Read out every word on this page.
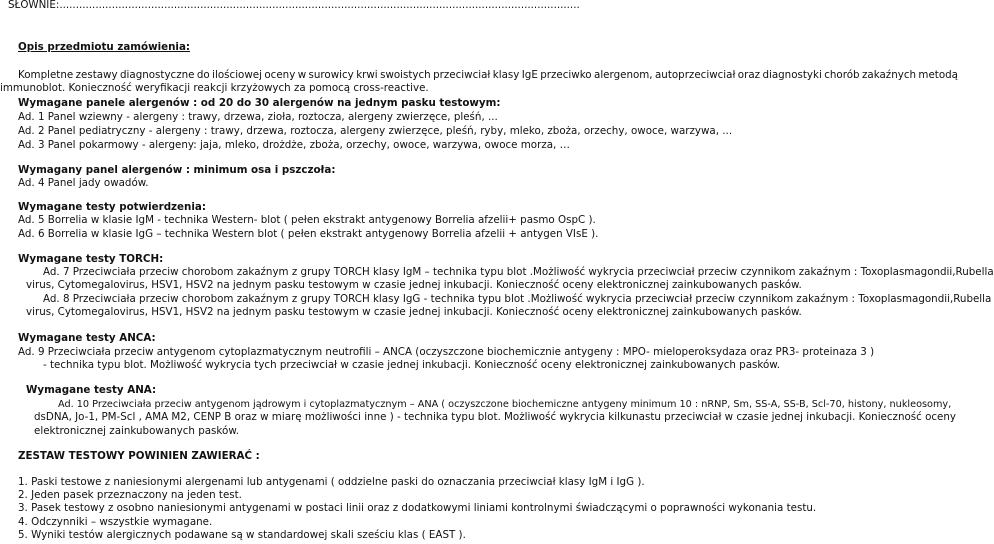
SŁOWNIE:...............................................................................................................................................................
Opis przedmiotu zamówienia:
Kompletne zestawy diagnostyczne do ilościowej oceny w surowicy krwi swoistych przeciwciał klasy IgE przeciwko alergenom, autoprzeciwciał oraz diagnostyki chorób zakaźnych metodą
immunoblot. Konieczność weryfikacji reakcji krzyżowych za pomocą cross-reactive.
Wymagane panele alergenów : od 20 do 30 alergenów na jednym pasku testowym:
Ad. 1 Panel wziewny - alergeny : trawy, drzewa, zioła, roztocza, alergeny zwierzęce, pleśń, ...
Ad. 2 Panel pediatryczny - alergeny : trawy, drzewa, roztocza, alergeny zwierzęce, pleśń, ryby, mleko, zboża, orzechy, owoce, warzywa, ...
Ad. 3 Panel pokarmowy - alergeny: jaja, mleko, drożdże, zboża, orzechy, owoce, warzywa, owoce morza, …
Wymagany panel alergenów : minimum osa i pszczoła:
Ad. 4 Panel jady owadów.
Wymagane testy potwierdzenia:
Ad. 5 Borrelia w klasie IgM - technika Western- blot ( pełen ekstrakt antygenowy Borrelia afzelii+ pasmo OspC ).
Ad. 6 Borrelia w klasie IgG – technika Western blot ( pełen ekstrakt antygenowy Borrelia afzelii + antygen VIsE ).
Wymagane testy TORCH:
Ad. 7 Przeciwciała przeciw chorobom zakaźnym z grupy TORCH klasy IgM – technika typu blot .Możliwość wykrycia przeciwciał przeciw czynnikom zakaźnym : Toxoplasma gondii,Rubella
virus, Cytomegalovirus, HSV1, HSV2 na jednym pasku testowym w czasie jednej inkubacji. Konieczność oceny elektronicznej zainkubowanych pasków.
Ad. 8 Przeciwciała przeciw chorobom zakaźnym z grupy TORCH klasy IgG - technika typu blot .Możliwość wykrycia przeciwciał przeciw czynnikom zakaźnym : Toxoplasma gondii,Rubella
virus, Cytomegalovirus, HSV1, HSV2 na jednym pasku testowym w czasie jednej inkubacji. Konieczność oceny elektronicznej zainkubowanych pasków.
Wymagane testy ANCA:
Ad. 9 Przeciwciała przeciw antygenom cytoplazmatycznym neutrofili – ANCA (oczyszczone biochemicznie antygeny : MPO- mieloperoksydaza oraz PR3- proteinaza 3 )
- technika typu blot. Możliwość wykrycia tych przeciwciał w czasie jednej inkubacji. Konieczność oceny elektronicznej zainkubowanych pasków.
Wymagane testy ANA:
Ad. 10 Przeciwciała przeciw antygenom jądrowym i cytoplazmatycznym – ANA ( oczyszczone biochemiczne antygeny minimum 10 : nRNP, Sm, SS-A, SS-B, Scl-70, histony, nukleosomy,
dsDNA, Jo-1, PM-Scl , AMA M2, CENP B oraz w miarę możliwości inne ) - technika typu blot. Możliwość wykrycia kilkunastu przeciwciał w czasie jednej inkubacji. Konieczność oceny
elektronicznej zainkubowanych pasków.
ZESTAW TESTOWY POWINIEN ZAWIERAĆ :
1. Paski testowe z naniesionymi alergenami lub antygenami ( oddzielne paski do oznaczania przeciwciał klasy IgM i IgG ).
2. Jeden pasek przeznaczony na jeden test.
3. Pasek testowy z osobno naniesionymi antygenami w postaci linii oraz z dodatkowymi liniami kontrolnymi świadczącymi o poprawności wykonania testu.
4. Odczynniki – wszystkie wymagane.
5. Wyniki testów alergicznych podawane są w standardowej skali sześciu klas ( EAST ).
